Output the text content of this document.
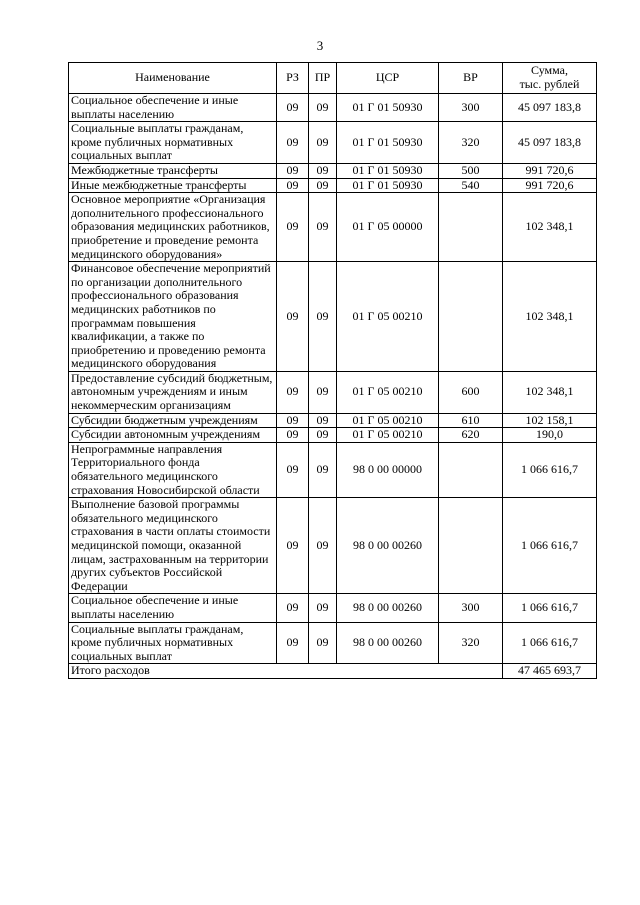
3
Наименование	РЗ	ПР	ЦСР	ВР	Сумма,
тыс. рублей

Социальное обеспечение и иные выплаты населению	09	09	01 Г 01 50930	300	45 097 183,8
Социальные выплаты гражданам, кроме публичных нормативных социальных выплат	09	09	01 Г 01 50930	320	45 097 183,8
Межбюджетные трансферты	09	09	01 Г 01 50930	500	991 720,6
Иные межбюджетные трансферты	09	09	01 Г 01 50930	540	991 720,6
Основное мероприятие «Организация дополнительного профессионального образования медицинских работников, приобретение и проведение ремонта медицинского оборудования»	09	09	01 Г 05 00000		102 348,1
Финансовое обеспечение мероприятий по организации дополнительного профессионального образования медицинских работников по программам повышения квалификации, а также по приобретению и проведению ремонта медицинского оборудования	09	09	01 Г 05 00210		102 348,1
Предоставление субсидий бюджетным, автономным учреждениям и иным некоммерческим организациям	09	09	01 Г 05 00210	600	102 348,1
Субсидии бюджетным учреждениям	09	09	01 Г 05 00210	610	102 158,1
Субсидии автономным учреждениям	09	09	01 Г 05 00210	620	190,0
Непрограммные направления Территориального фонда обязательного медицинского страхования Новосибирской области	09	09	98 0 00 00000		1 066 616,7
Выполнение базовой программы обязательного медицинского страхования в части оплаты стоимости медицинской помощи, оказанной лицам, застрахованным на территории других субъектов Российской Федерации	09	09	98 0 00 00260		1 066 616,7
Социальное обеспечение и иные выплаты населению	09	09	98 0 00 00260	300	1 066 616,7
Социальные выплаты гражданам, кроме публичных нормативных социальных выплат	09	09	98 0 00 00260	320	1 066 616,7
Итого расходов					47 465 693,7
